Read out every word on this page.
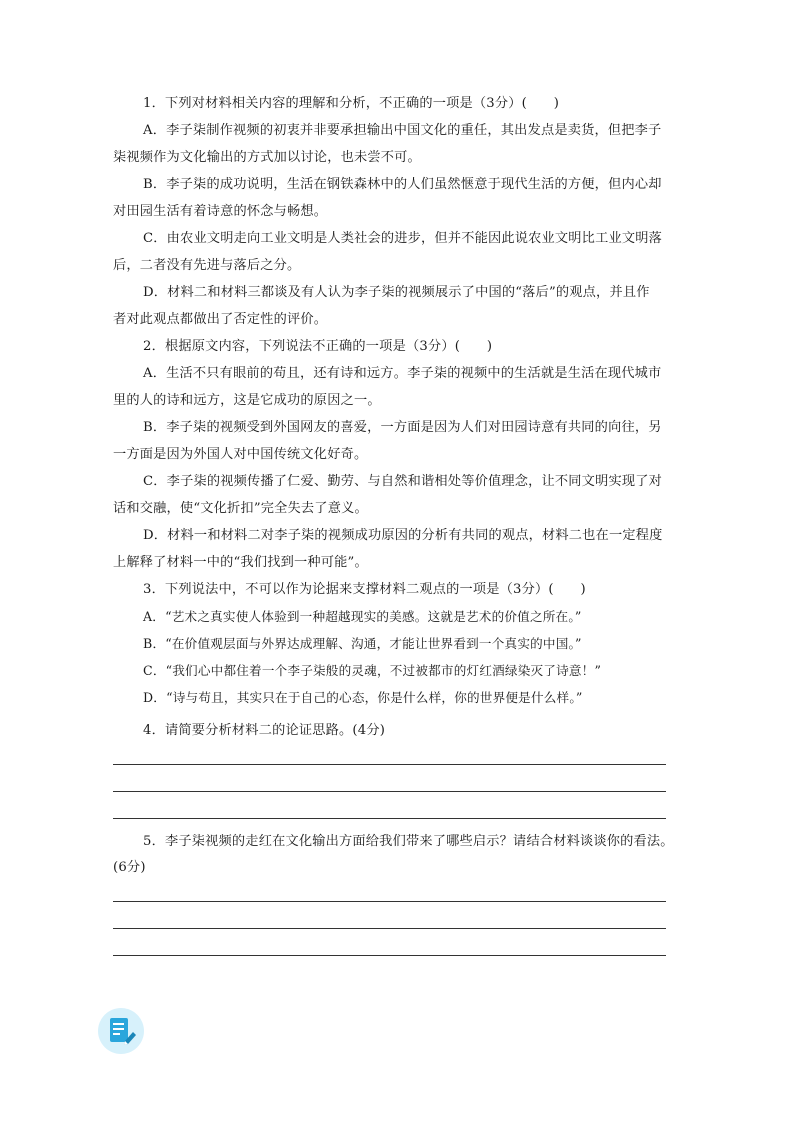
1．下列对材料相关内容的理解和分析，不正确的一项是（3分）(　　)
A．李子柒制作视频的初衷并非要承担输出中国文化的重任，其出发点是卖货，但把李子
柒视频作为文化输出的方式加以讨论，也未尝不可。
B．李子柒的成功说明，生活在钢铁森林中的人们虽然惬意于现代生活的方便，但内心却
对田园生活有着诗意的怀念与畅想。
C．由农业文明走向工业文明是人类社会的进步，但并不能因此说农业文明比工业文明落
后，二者没有先进与落后之分。
D．材料二和材料三都谈及有人认为李子柒的视频展示了中国的“落后”的观点，并且作
者对此观点都做出了否定性的评价。
2．根据原文内容，下列说法不正确的一项是（3分）(　　)
A．生活不只有眼前的苟且，还有诗和远方。李子柒的视频中的生活就是生活在现代城市
里的人的诗和远方，这是它成功的原因之一。
B．李子柒的视频受到外国网友的喜爱，一方面是因为人们对田园诗意有共同的向往，另
一方面是因为外国人对中国传统文化好奇。
C．李子柒的视频传播了仁爱、勤劳、与自然和谐相处等价值理念，让不同文明实现了对
话和交融，使“文化折扣”完全失去了意义。
D．材料一和材料二对李子柒的视频成功原因的分析有共同的观点，材料二也在一定程度
上解释了材料一中的“我们找到一种可能”。
3．下列说法中，不可以作为论据来支撑材料二观点的一项是（3分）(　　)
A．“艺术之真实使人体验到一种超越现实的美感。这就是艺术的价值之所在。”
B．“在价值观层面与外界达成理解、沟通，才能让世界看到一个真实的中国。”
C．“我们心中都住着一个李子柒般的灵魂，不过被都市的灯红酒绿染灭了诗意！”
D．“诗与苟且，其实只在于自己的心态，你是什么样，你的世界便是什么样。”
4．请简要分析材料二的论证思路。(4分)
5．李子柒视频的走红在文化输出方面给我们带来了哪些启示？请结合材料谈谈你的看法。
(6分)
